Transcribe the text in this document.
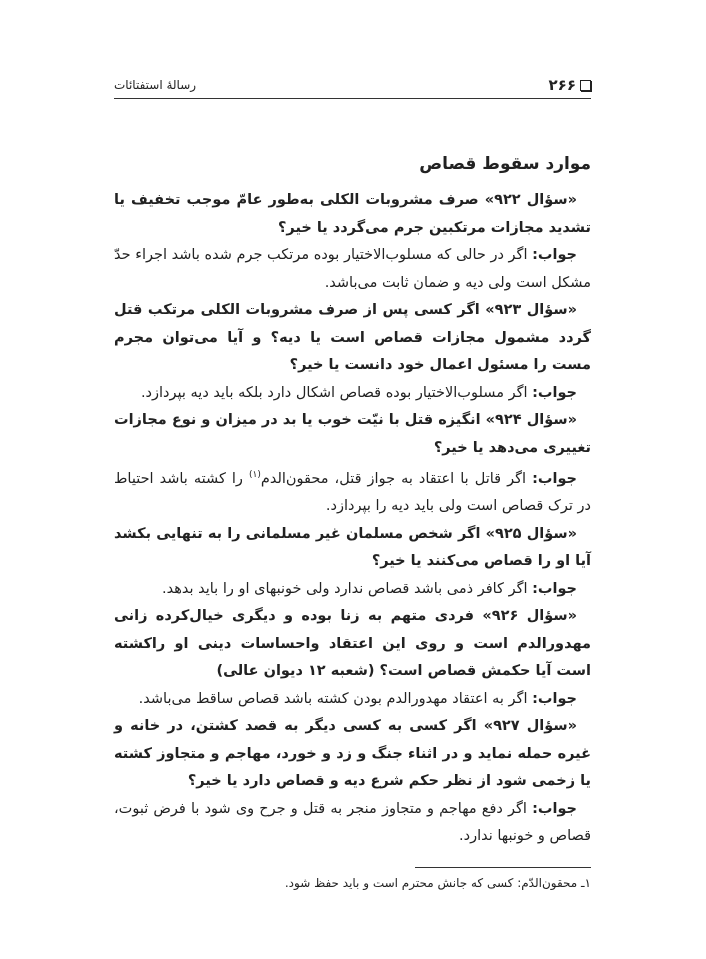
۲۶۶
رسالۀ استفتائات
موارد سقوط قصاص

«سؤال ۹۲۲» صرف مشروبات الکلی به‌طور عامّ موجب تخفیف یا تشدید مجازات مرتکبین جرم می‌گردد یا خیر؟

جواب: اگر در حالی که مسلوب‌الاختیار بوده مرتکب جرم شده باشد اجراء حدّ مشکل است ولی دیه و ضمان ثابت می‌باشد.

«سؤال ۹۲۳» اگر کسی پس از صرف مشروبات الکلی مرتکب قتل گردد مشمول مجازات قصاص است یا دیه؟ و آیا می‌توان مجرم مست را مسئول اعمال خود دانست یا خیر؟

جواب: اگر مسلوب‌الاختیار بوده قصاص اشکال دارد بلکه باید دیه بپردازد.

«سؤال ۹۲۴» انگیزه قتل با نیّت خوب یا بد در میزان و نوع مجازات تغییری می‌دهد یا خیر؟

جواب: اگر قاتل با اعتقاد به جواز قتل، محقون‌الدم$^{(۱)}$ را کشته باشد احتیاط در ترک قصاص است ولی باید دیه را بپردازد.

«سؤال ۹۲۵» اگر شخص مسلمان غیر مسلمانی را به تنهایی بکشد آیا او را قصاص می‌کنند یا خیر؟

جواب: اگر کافر ذمی باشد قصاص ندارد ولی خونبهای او را باید بدهد.

«سؤال ۹۲۶» فردی متهم به زنا بوده و دیگری خیال‌کرده زانی مهدورالدم است و روی این اعتقاد واحساسات دینی او راکشته است آیا حکمش قصاص است؟ (شعبه ۱۲ دیوان عالی)

جواب: اگر به اعتقاد مهدورالدم بودن کشته باشد قصاص ساقط می‌باشد.

«سؤال ۹۲۷» اگر کسی به کسی دیگر به قصد کشتن، در خانه و غیره حمله نماید و در اثناء جنگ و زد و خورد، مهاجم و متجاوز کشته یا زخمی شود از نظر حکم شرع دیه و قصاص دارد یا خیر؟

جواب: اگر دفع مهاجم و متجاوز منجر به قتل و جرح وی شود با فرض ثبوت، قصاص و خونبها ندارد.

۱ـ محقون‌الدّم: کسی که جانش محترم است و باید حفظ شود.
